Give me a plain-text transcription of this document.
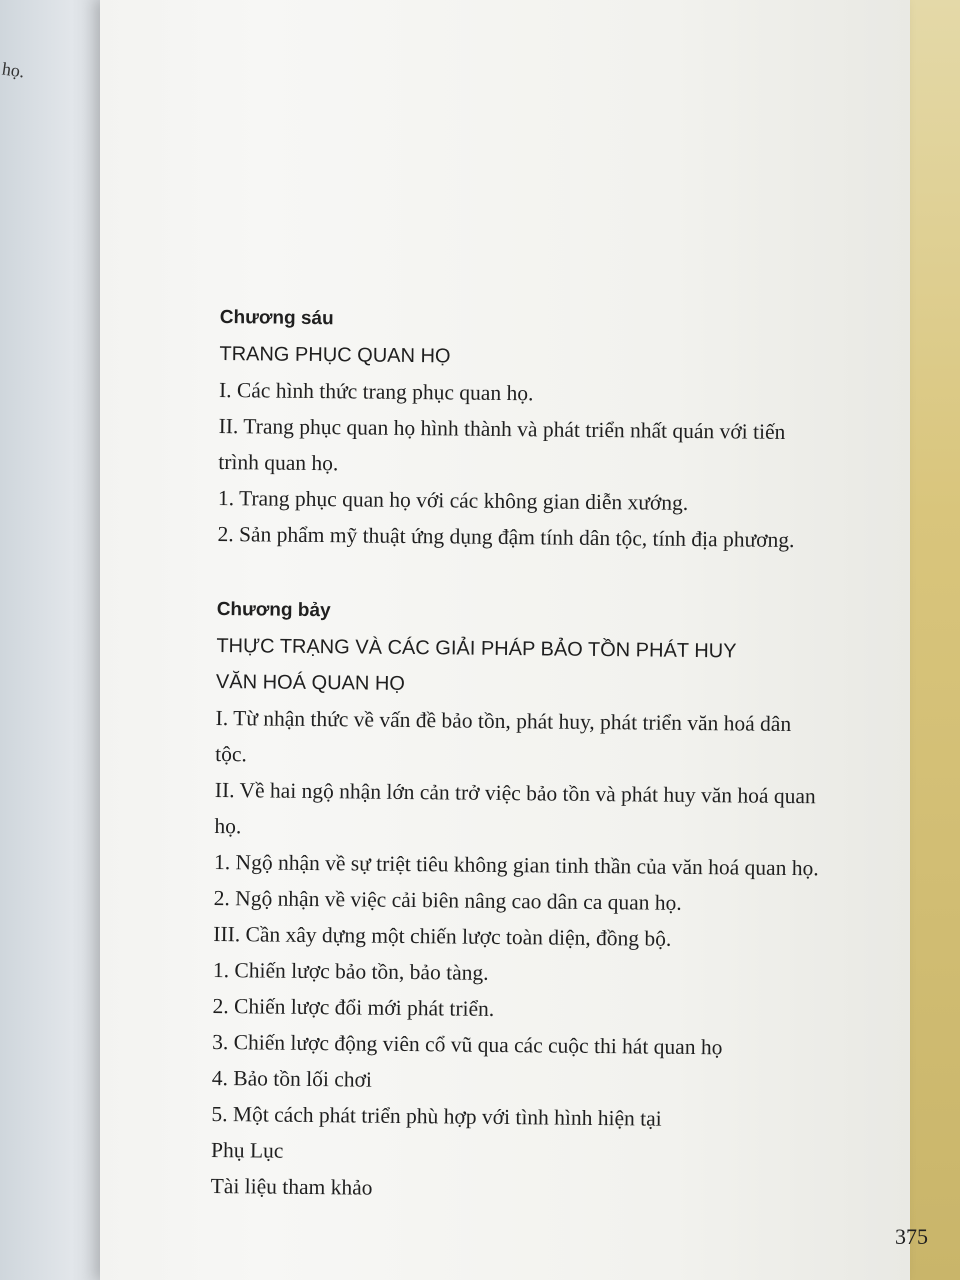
họ.

Chương sáu

TRANG PHỤC QUAN HỌ

I. Các hình thức trang phục quan họ.

II. Trang phục quan họ hình thành và phát triển nhất quán với tiến

trình quan họ.

1. Trang phục quan họ với các không gian diễn xướng.

2. Sản phẩm mỹ thuật ứng dụng đậm tính dân tộc, tính địa phương.

Chương bảy

THỰC TRẠNG VÀ CÁC GIẢI PHÁP BẢO TỒN PHÁT HUY

VĂN HOÁ QUAN HỌ

I. Từ nhận thức về vấn đề bảo tồn, phát huy, phát triển văn hoá dân

tộc.

II. Về hai ngộ nhận lớn cản trở việc bảo tồn và phát huy văn hoá quan

họ.

1. Ngộ nhận về sự triệt tiêu không gian tinh thần của văn hoá quan họ.

2. Ngộ nhận về việc cải biên nâng cao dân ca quan họ.

III. Cần xây dựng một chiến lược toàn diện, đồng bộ.

1. Chiến lược bảo tồn, bảo tàng.

2. Chiến lược đổi mới phát triển.

3. Chiến lược động viên cổ vũ qua các cuộc thi hát quan họ

4. Bảo tồn lối chơi

5. Một cách phát triển phù hợp với tình hình hiện tại

Phụ Lục

Tài liệu tham khảo

375
